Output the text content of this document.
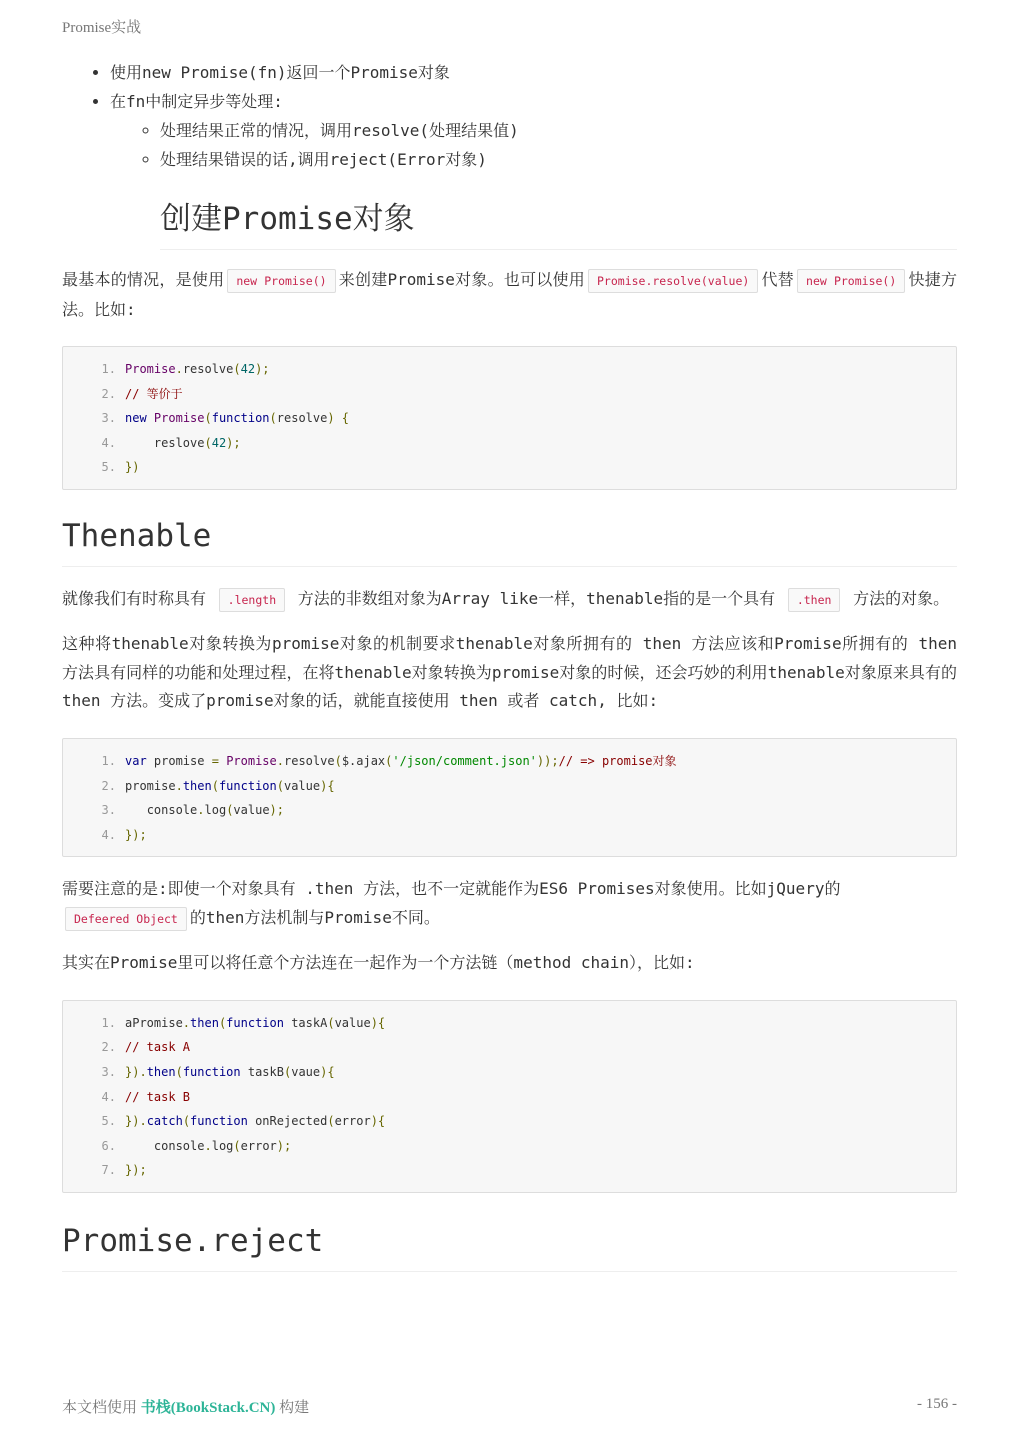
Promise实战
• 使用new Promise(fn)返回一个Promise对象
• 在fn中制定异步等处理:
◦ 处理结果正常的情况，调用resolve(处理结果值)
◦ 处理结果错误的话,调用reject(Error对象)
创建Promise对象

最基本的情况，是使用 new Promise() 来创建Promise对象。也可以使用 Promise.resolve(value) 代替 new Promise() 快捷方法。比如:

1. Promise.resolve(42);
2. // 等价于
3. new Promise(function(resolve) {
4.	reslove(42);
5. })
Thenable

就像我们有时称具有 .length 方法的非数组对象为Array like一样，thenable指的是一个具有 .then 方法的对象。

这种将thenable对象转换为promise对象的机制要求thenable对象所拥有的 then 方法应该和Promise所拥有的 then 方法具有同样的功能和处理过程，在将thenable对象转换为promise对象的时候，还会巧妙的利用thenable对象原来具有的 then 方法。变成了promise对象的话，就能直接使用 then 或者 catch, 比如:

1. var promise = Promise.resolve($.ajax('/json/comment.json'));// => promise对象
2. promise.then(function(value){
3.	console.log(value);
4. });

需要注意的是:即使一个对象具有 .then 方法，也不一定就能作为ES6 Promises对象使用。比如jQuery的 Defeered Object 的then方法机制与Promise不同。

其实在Promise里可以将任意个方法连在一起作为一个方法链（method chain），比如:

1. aPromise.then(function taskA(value){
2. // task A
3. }).then(function taskB(vaue){
4. // task B
5. }).catch(function onRejected(error){
6.	console.log(error);
7. });
Promise.reject
本文档使用 书栈(BookStack.CN) 构建	- 156 -
